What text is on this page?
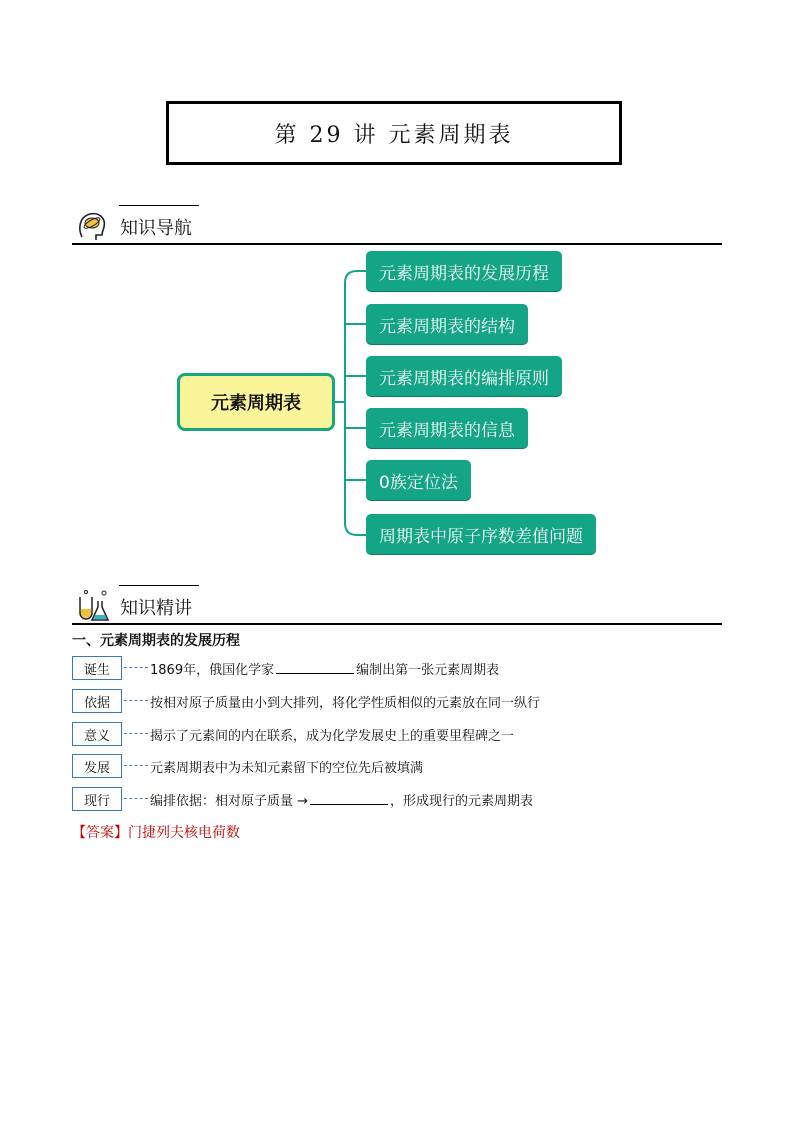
第 29 讲 元素周期表
知识导航
元素周期表
元素周期表的发展历程
元素周期表的结构
元素周期表的编排原则
元素周期表的信息
0族定位法
周期表中原子序数差值问题
知识精讲
一、元素周期表的发展历程
诞生	1869年，俄国化学家	编制出第一张元素周期表
依据	按相对原子质量由小到大排列，将化学性质相似的元素放在同一纵行
意义	揭示了元素间的内在联系，成为化学发展史上的重要里程碑之一
发展	元素周期表中为未知元素留下的空位先后被填满
现行	编排依据：相对原子质量 →	，形成现行的元素周期表
【答案】门捷列夫核电荷数
